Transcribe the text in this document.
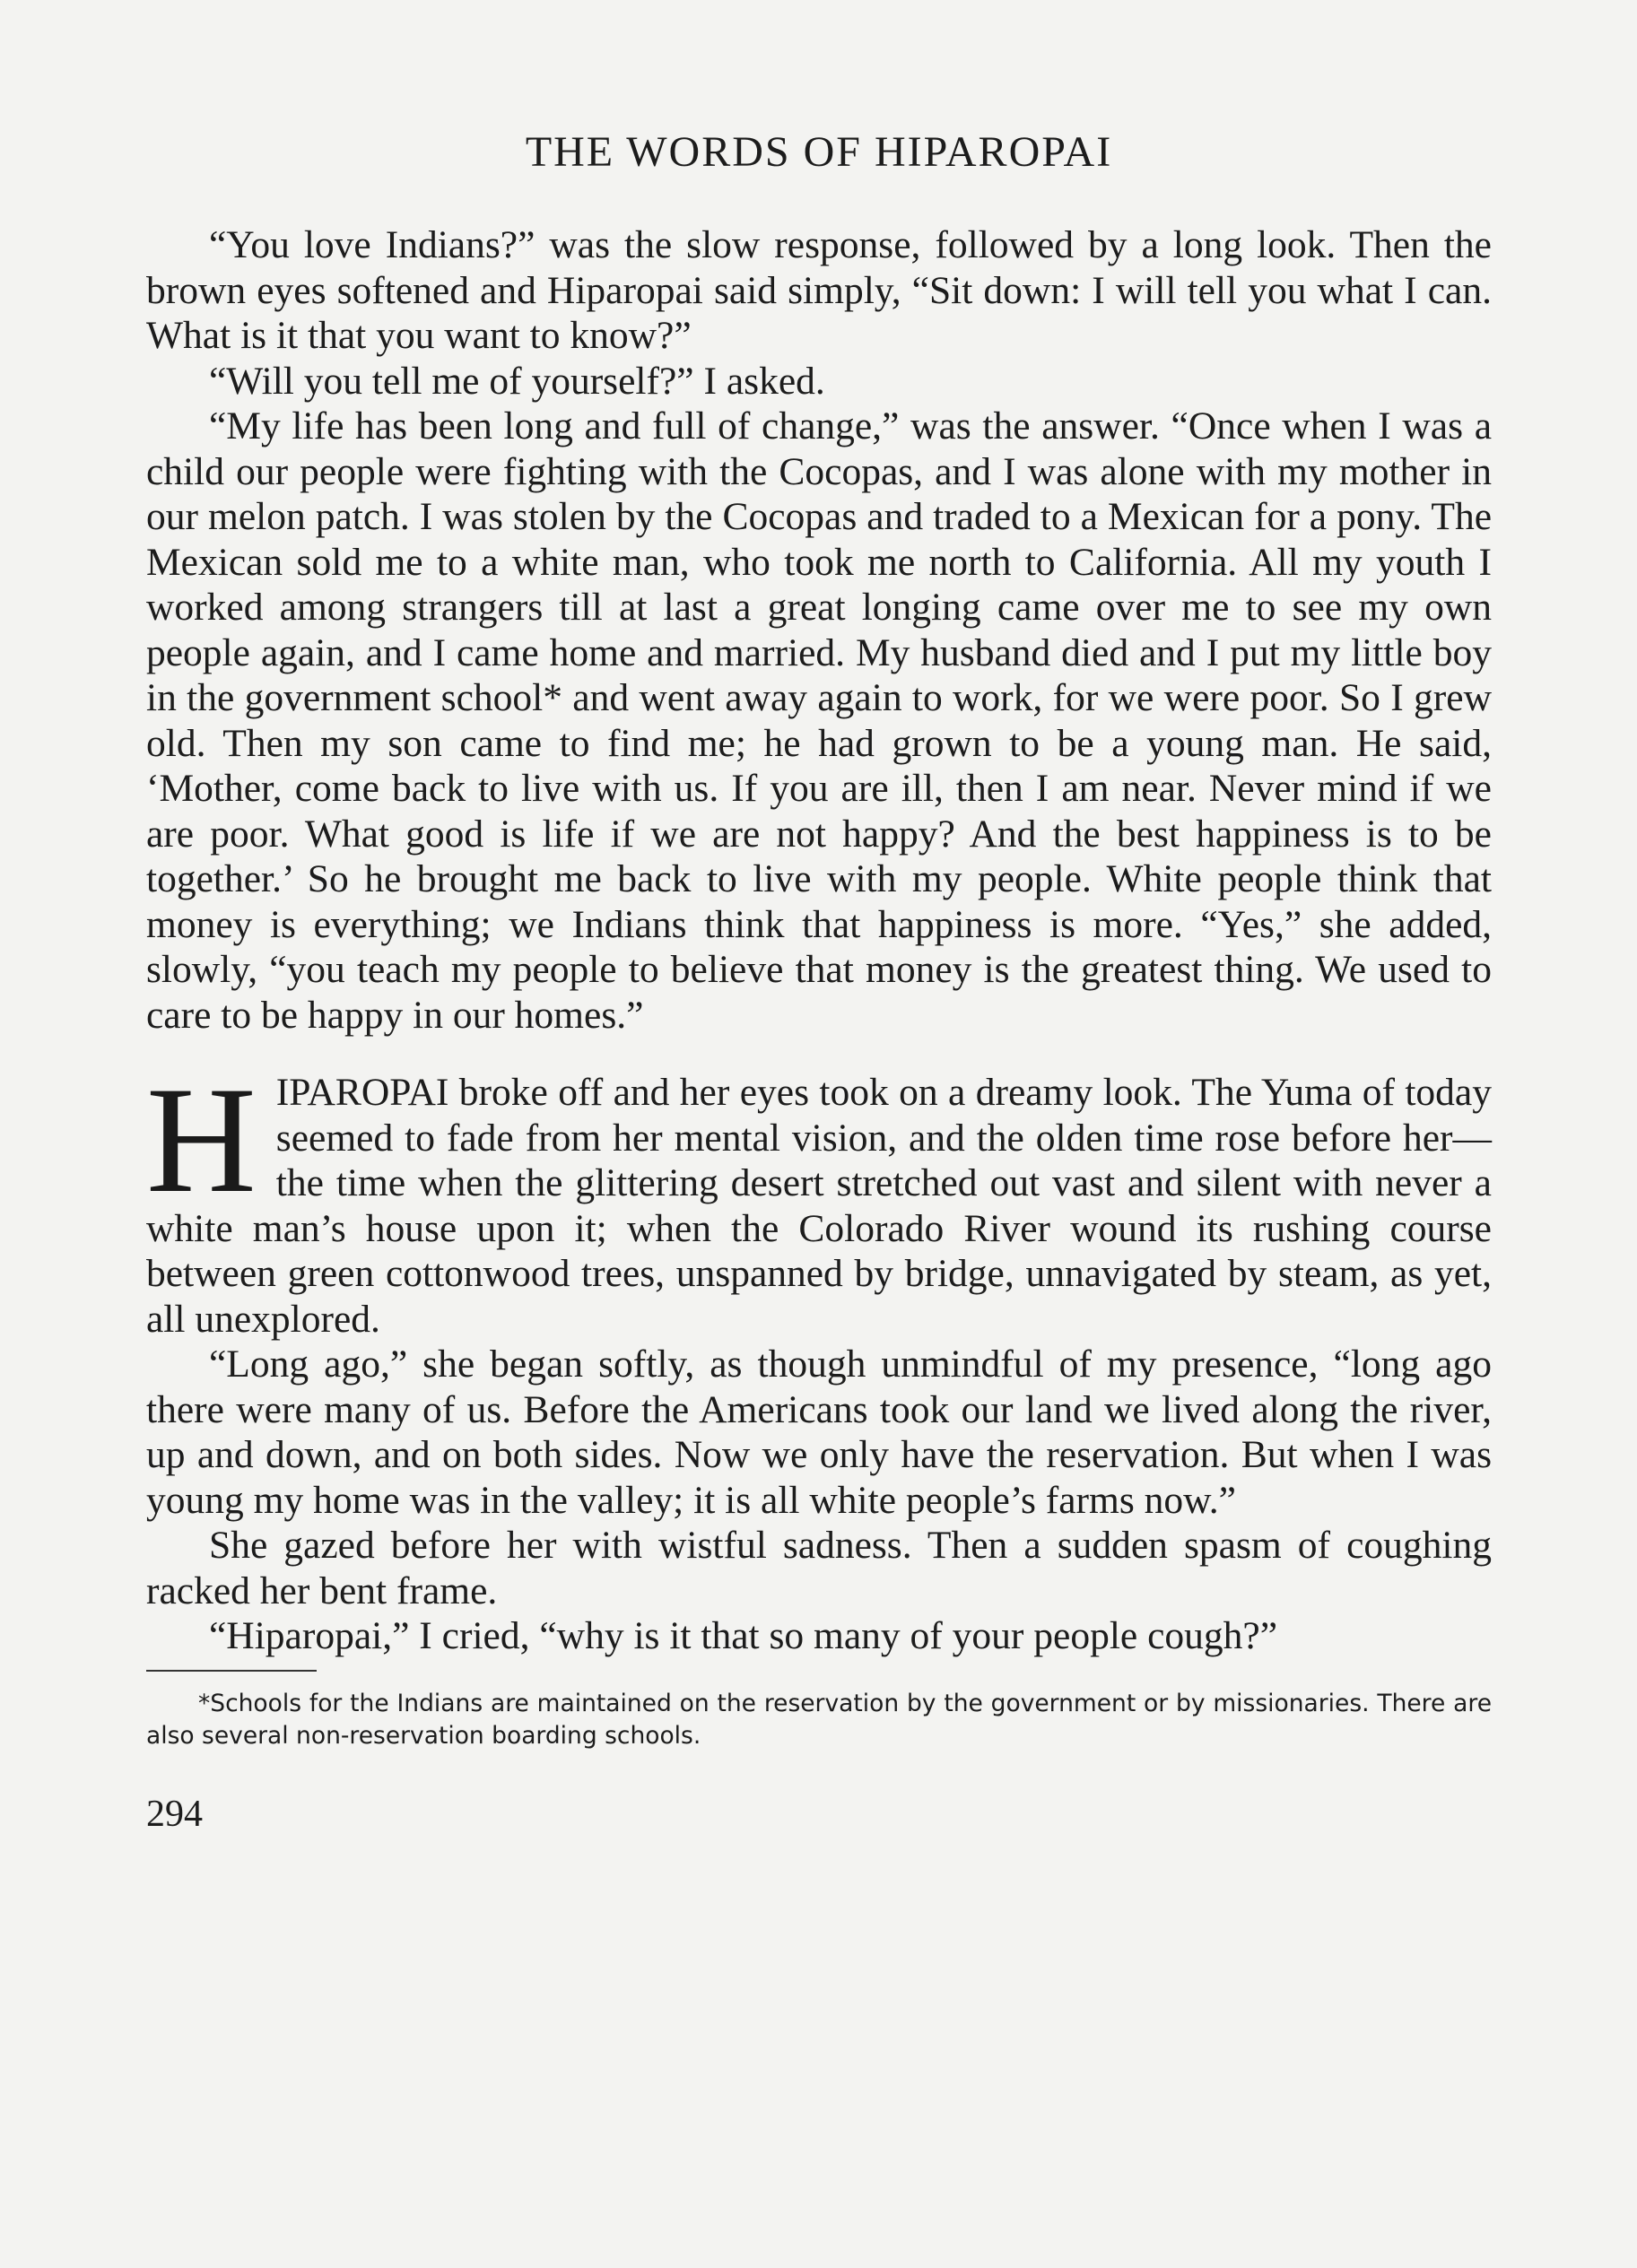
THE WORDS OF HIPAROPAI

“You love Indians?” was the slow response, followed by a long look. Then the brown eyes softened and Hiparopai said simply, “Sit down: I will tell you what I can. What is it that you want to know?”

“Will you tell me of yourself?” I asked.

“My life has been long and full of change,” was the answer. “Once when I was a child our people were fighting with the Cocopas, and I was alone with my mother in our melon patch. I was stolen by the Cocopas and traded to a Mexican for a pony. The Mexican sold me to a white man, who took me north to California. All my youth I worked among strangers till at last a great longing came over me to see my own people again, and I came home and married. My husband died and I put my little boy in the government school* and went away again to work, for we were poor. So I grew old. Then my son came to find me; he had grown to be a young man. He said, ‘Mother, come back to live with us. If you are ill, then I am near. Never mind if we are poor. What good is life if we are not happy? And the best happiness is to be together.’ So he brought me back to live with my people. White people think that money is everything; we Indians think that happiness is more. “Yes,” she added, slowly, “you teach my people to believe that money is the greatest thing. We used to care to be happy in our homes.”

H IPAROPAI broke off and her eyes took on a dreamy look. The Yuma of today seemed to fade from her mental vision, and the olden time rose before her—the time when the glittering desert stretched out vast and silent with never a white man’s house upon it; when the Colorado River wound its rushing course between green cottonwood trees, unspanned by bridge, unnavigated by steam, as yet, all unexplored.

“Long ago,” she began softly, as though unmindful of my presence, “long ago there were many of us. Before the Americans took our land we lived along the river, up and down, and on both sides. Now we only have the reservation. But when I was young my home was in the valley; it is all white people’s farms now.”

She gazed before her with wistful sadness. Then a sudden spasm of coughing racked her bent frame.

“Hiparopai,” I cried, “why is it that so many of your people cough?”

*Schools for the Indians are maintained on the reservation by the government or by missionaries. There are also several non-reservation boarding schools.

294
